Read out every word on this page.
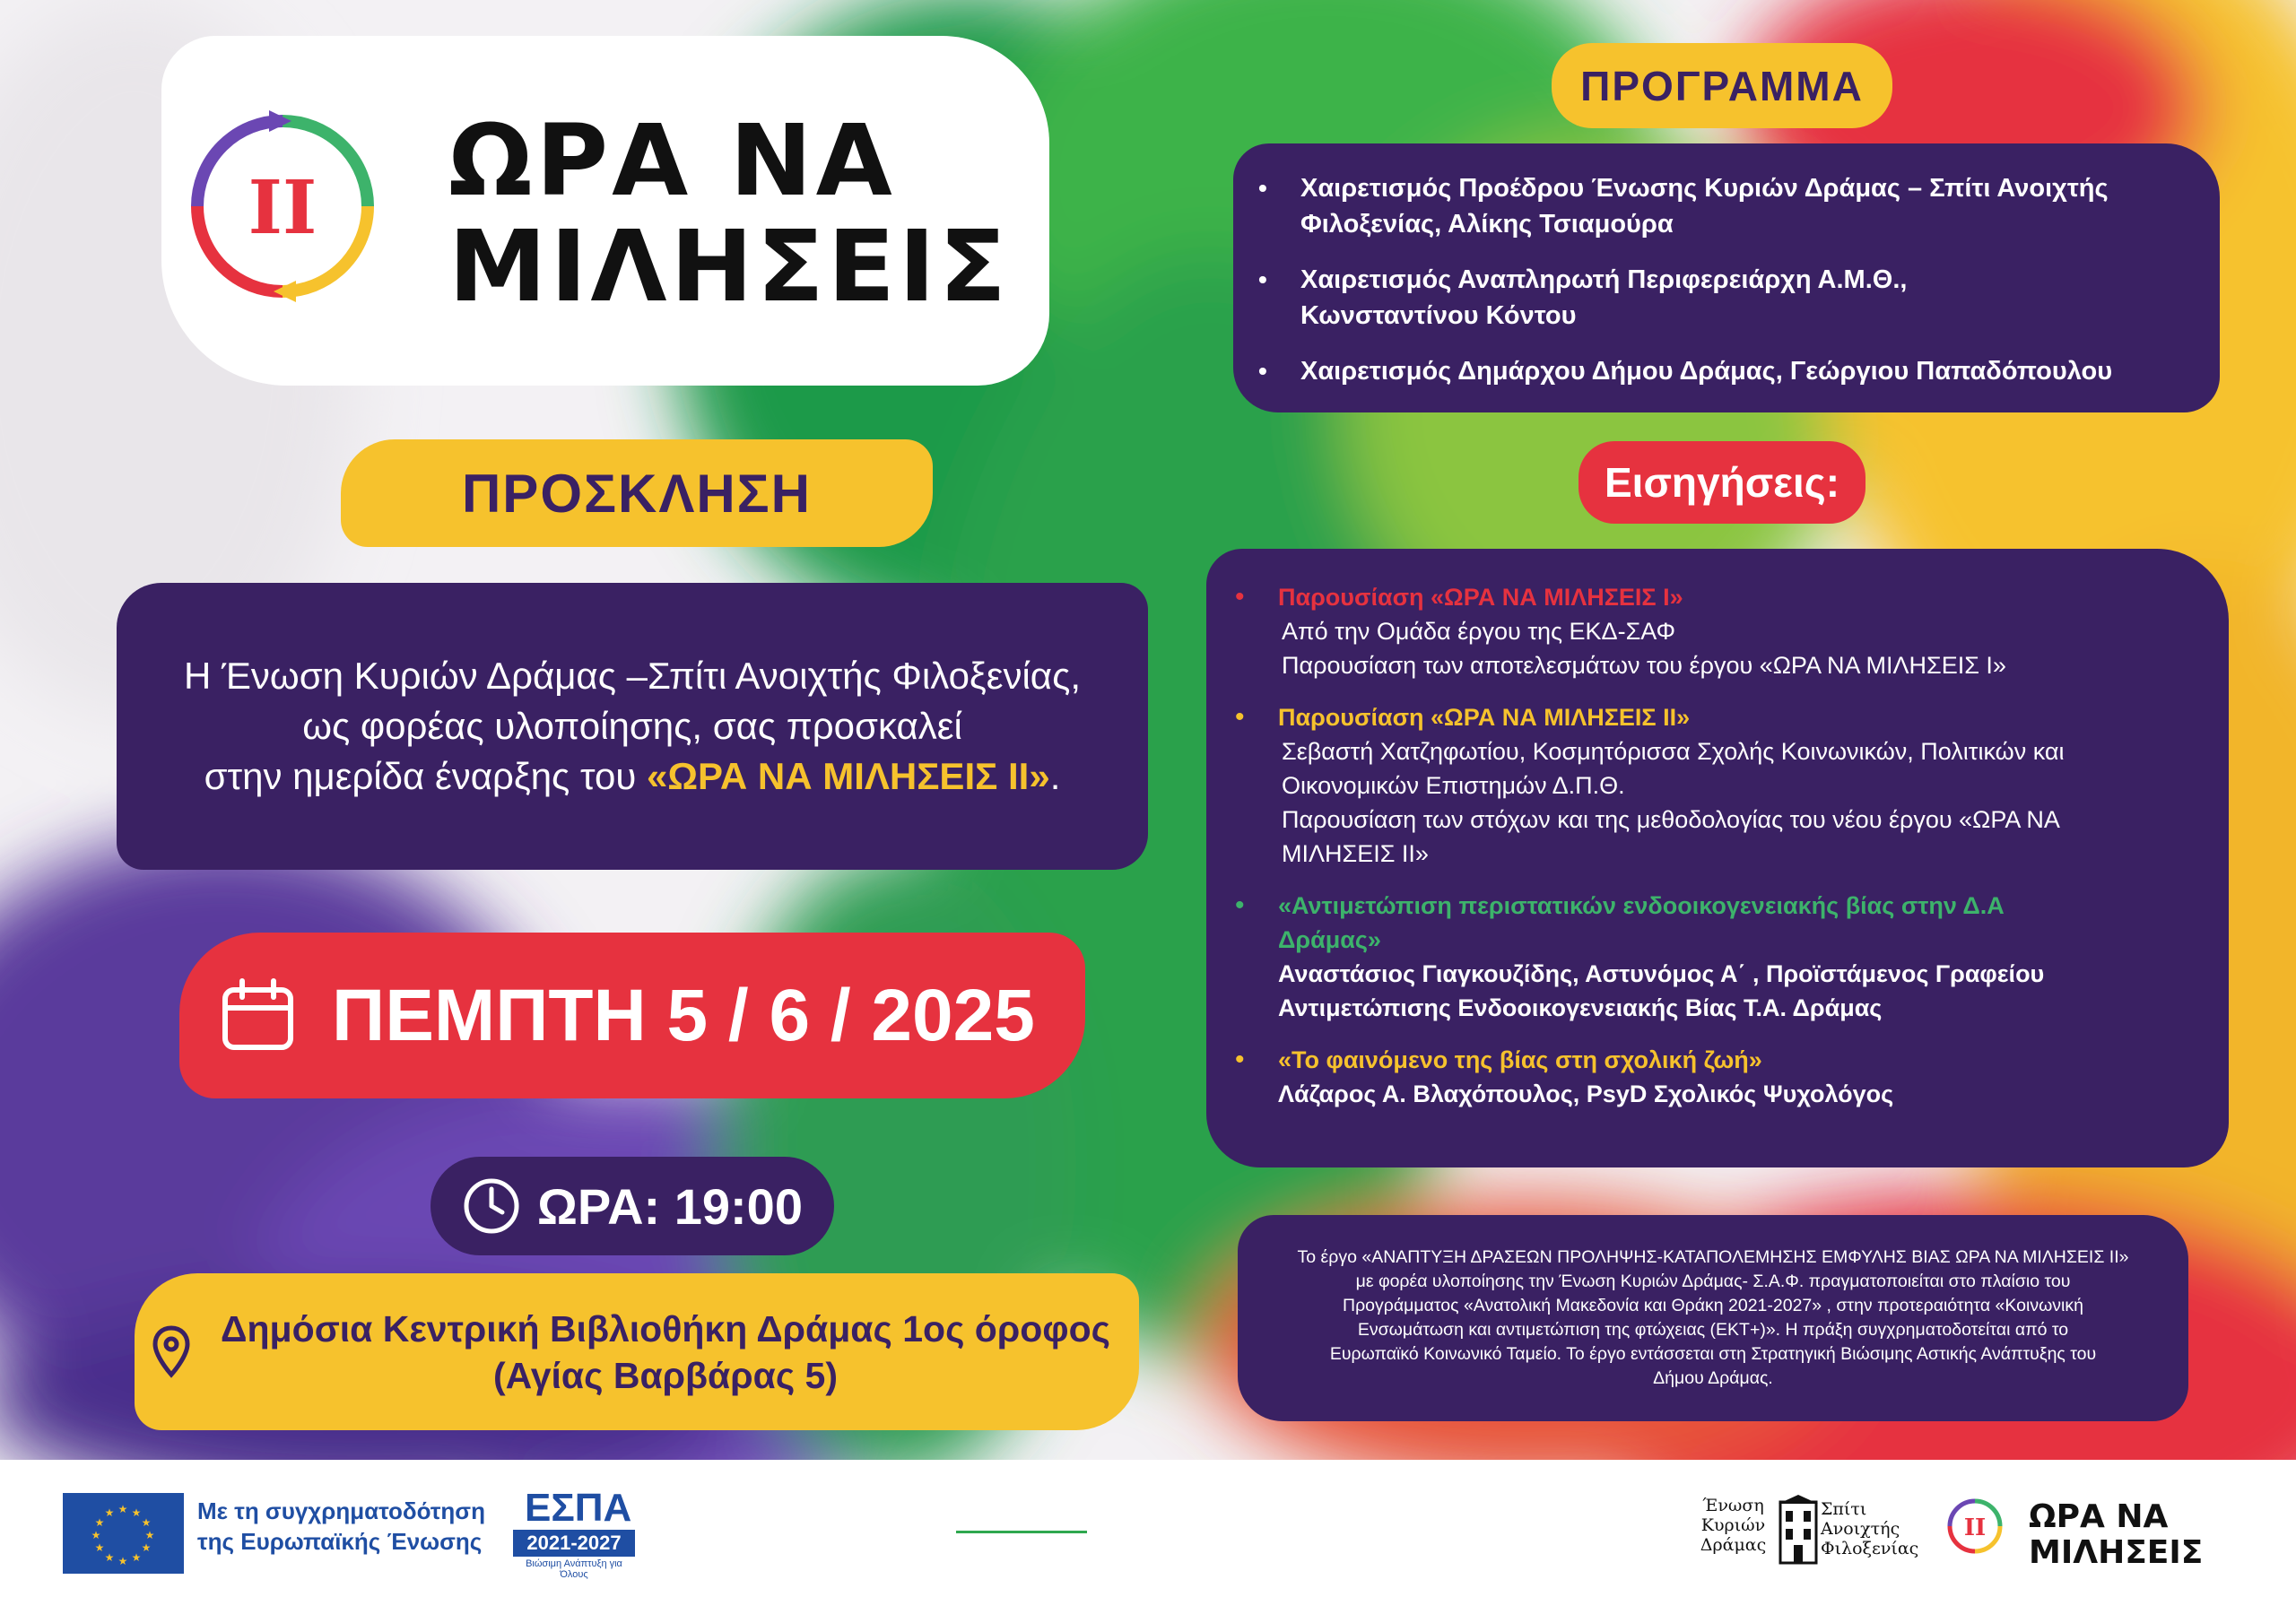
II ΩΡΑ ΝΑ
ΜΙΛΗΣΕΙΣ
ΠΡΟΣΚΛΗΣΗ
Η Ένωση Κυριών Δράμας –Σπίτι Ανοιχτής Φιλοξενίας,
ως φορέας υλοποίησης, σας προσκαλεί
στην ημερίδα έναρξης του «ΩΡΑ ΝΑ ΜΙΛΗΣΕΙΣ ΙΙ».
ΠΕΜΠΤΗ 5 / 6 / 2025
ΩΡΑ: 19:00
Δημόσια Κεντρική Βιβλιοθήκη Δράμας 1ος όροφος
(Αγίας Βαρβάρας 5)
ΠΡΟΓΡΑΜΜΑ
• Χαιρετισμός Προέδρου Ένωσης Κυριών Δράμας – Σπίτι Ανοιχτής
Φιλοξενίας, Αλίκης Τσιαμούρα
• Χαιρετισμός Αναπληρωτή Περιφερειάρχη Α.Μ.Θ.,
Κωνσταντίνου Κόντου
• Χαιρετισμός Δημάρχου Δήμου Δράμας, Γεώργιου Παπαδόπουλου
Εισηγήσεις:
• Παρουσίαση «ΩΡΑ ΝΑ ΜΙΛΗΣΕΙΣ Ι»
Από την Ομάδα έργου της ΕΚΔ-ΣΑΦ
Παρουσίαση των αποτελεσμάτων του έργου «ΩΡΑ ΝΑ ΜΙΛΗΣΕΙΣ Ι»
• Παρουσίαση «ΩΡΑ ΝΑ ΜΙΛΗΣΕΙΣ ΙΙ»
Σεβαστή Χατζηφωτίου, Κοσμητόρισσα Σχολής Κοινωνικών, Πολιτικών και
Οικονομικών Επιστημών Δ.Π.Θ.
Παρουσίαση των στόχων και της μεθοδολογίας του νέου έργου «ΩΡΑ ΝΑ
ΜΙΛΗΣΕΙΣ ΙΙ»
• «Αντιμετώπιση περιστατικών ενδοοικογενειακής βίας στην Δ.Α
Δράμας»
Αναστάσιος Γιαγκουζίδης, Αστυνόμος Α΄ , Προϊστάμενος Γραφείου
Αντιμετώπισης Ενδοοικογενειακής Βίας Τ.Α. Δράμας
• «Το φαινόμενο της βίας στη σχολική ζωή»
Λάζαρος Α. Βλαχόπουλος, PsyD Σχολικός Ψυχολόγος
Το έργο «ΑΝΑΠΤΥΞΗ ΔΡΑΣΕΩΝ ΠΡΟΛΗΨΗΣ-ΚΑΤΑΠΟΛΕΜΗΣΗΣ ΕΜΦΥΛΗΣ ΒΙΑΣ ΩΡΑ ΝΑ ΜΙΛΗΣΕΙΣ ΙΙ»
με φορέα υλοποίησης την Ένωση Κυριών Δράμας- Σ.Α.Φ. πραγματοποιείται στο πλαίσιο του
Προγράμματος «Ανατολική Μακεδονία και Θράκη 2021-2027» , στην προτεραιότητα «Κοινωνική
Ενσωμάτωση και αντιμετώπιση της φτώχειας (ΕΚΤ+)». Η πράξη συγχρηματοδοτείται από το
Ευρωπαϊκό Κοινωνικό Ταμείο. Το έργο εντάσσεται στη Στρατηγική Βιώσιμης Αστικής Ανάπτυξης του
Δήμου Δράμας.
★ ★
★
★
★
★
★
★
★
★
★
★	Με τη συγχρηματοδότηση
της Ευρωπαϊκής Ένωσης
ΕΣΠΑ
2021-2027
Βιώσιμη Ανάπτυξη για Όλους
Ένωση
Κυριών
Δράμας
Σπίτι
Ανοιχτής
Φιλοξενίας
II ΩΡΑ ΝΑ
ΜΙΛΗΣΕΙΣ
